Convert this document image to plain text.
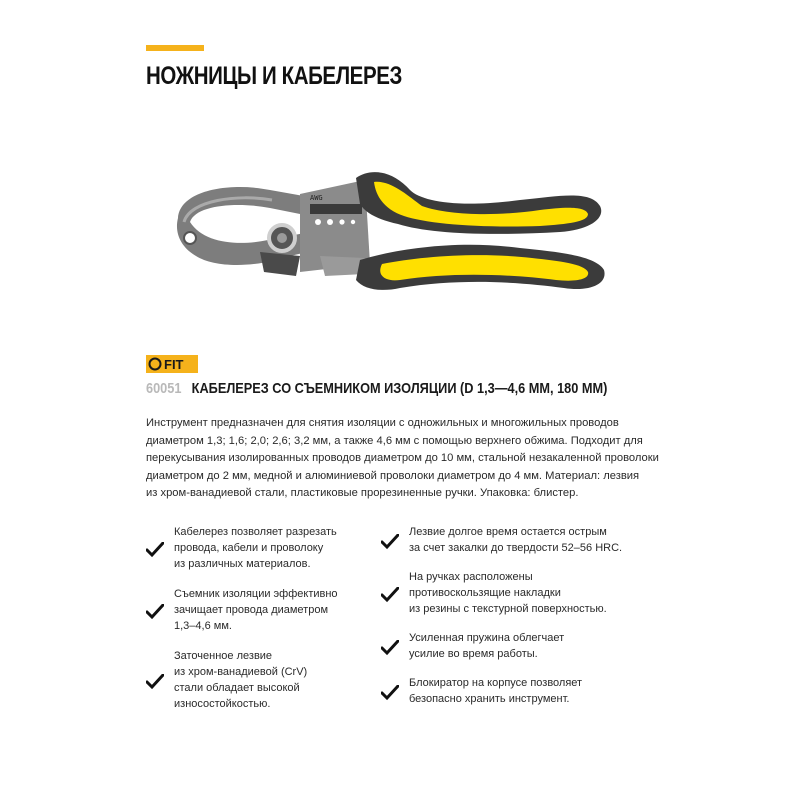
НОЖНИЦЫ И КАБЕЛЕРЕЗ
AWG
FIT
60051 КАБЕЛЕРЕЗ СО СЪЕМНИКОМ ИЗОЛЯЦИИ (D 1,3—4,6 ММ, 180 ММ)

Инструмент предназначен для снятия изоляции с одножильных и многожильных проводов
диаметром 1,3; 1,6; 2,0; 2,6; 3,2 мм, а также 4,6 мм с помощью верхнего обжима. Подходит для
перекусывания изолированных проводов диаметром до 10 мм, стальной незакаленной проволоки
диаметром до 2 мм, медной и алюминиевой проволоки диаметром до 4 мм. Материал: лезвия
из хром-ванадиевой стали, пластиковые прорезиненные ручки. Упаковка: блистер.

Кабелерез позволяет разрезать
провода, кабели и проволоку
из различных материалов.
Съемник изоляции эффективно
зачищает провода диаметром
1,3–4,6 мм.
Заточенное лезвие
из хром-ванадиевой (CrV)
стали обладает высокой
износостойкостью.
Лезвие долгое время остается острым
за счет закалки до твердости 52–56 HRC.
На ручках расположены
противоскользящие накладки
из резины с текстурной поверхностью.
Усиленная пружина облегчает
усилие во время работы.
Блокиратор на корпусе позволяет
безопасно хранить инструмент.
